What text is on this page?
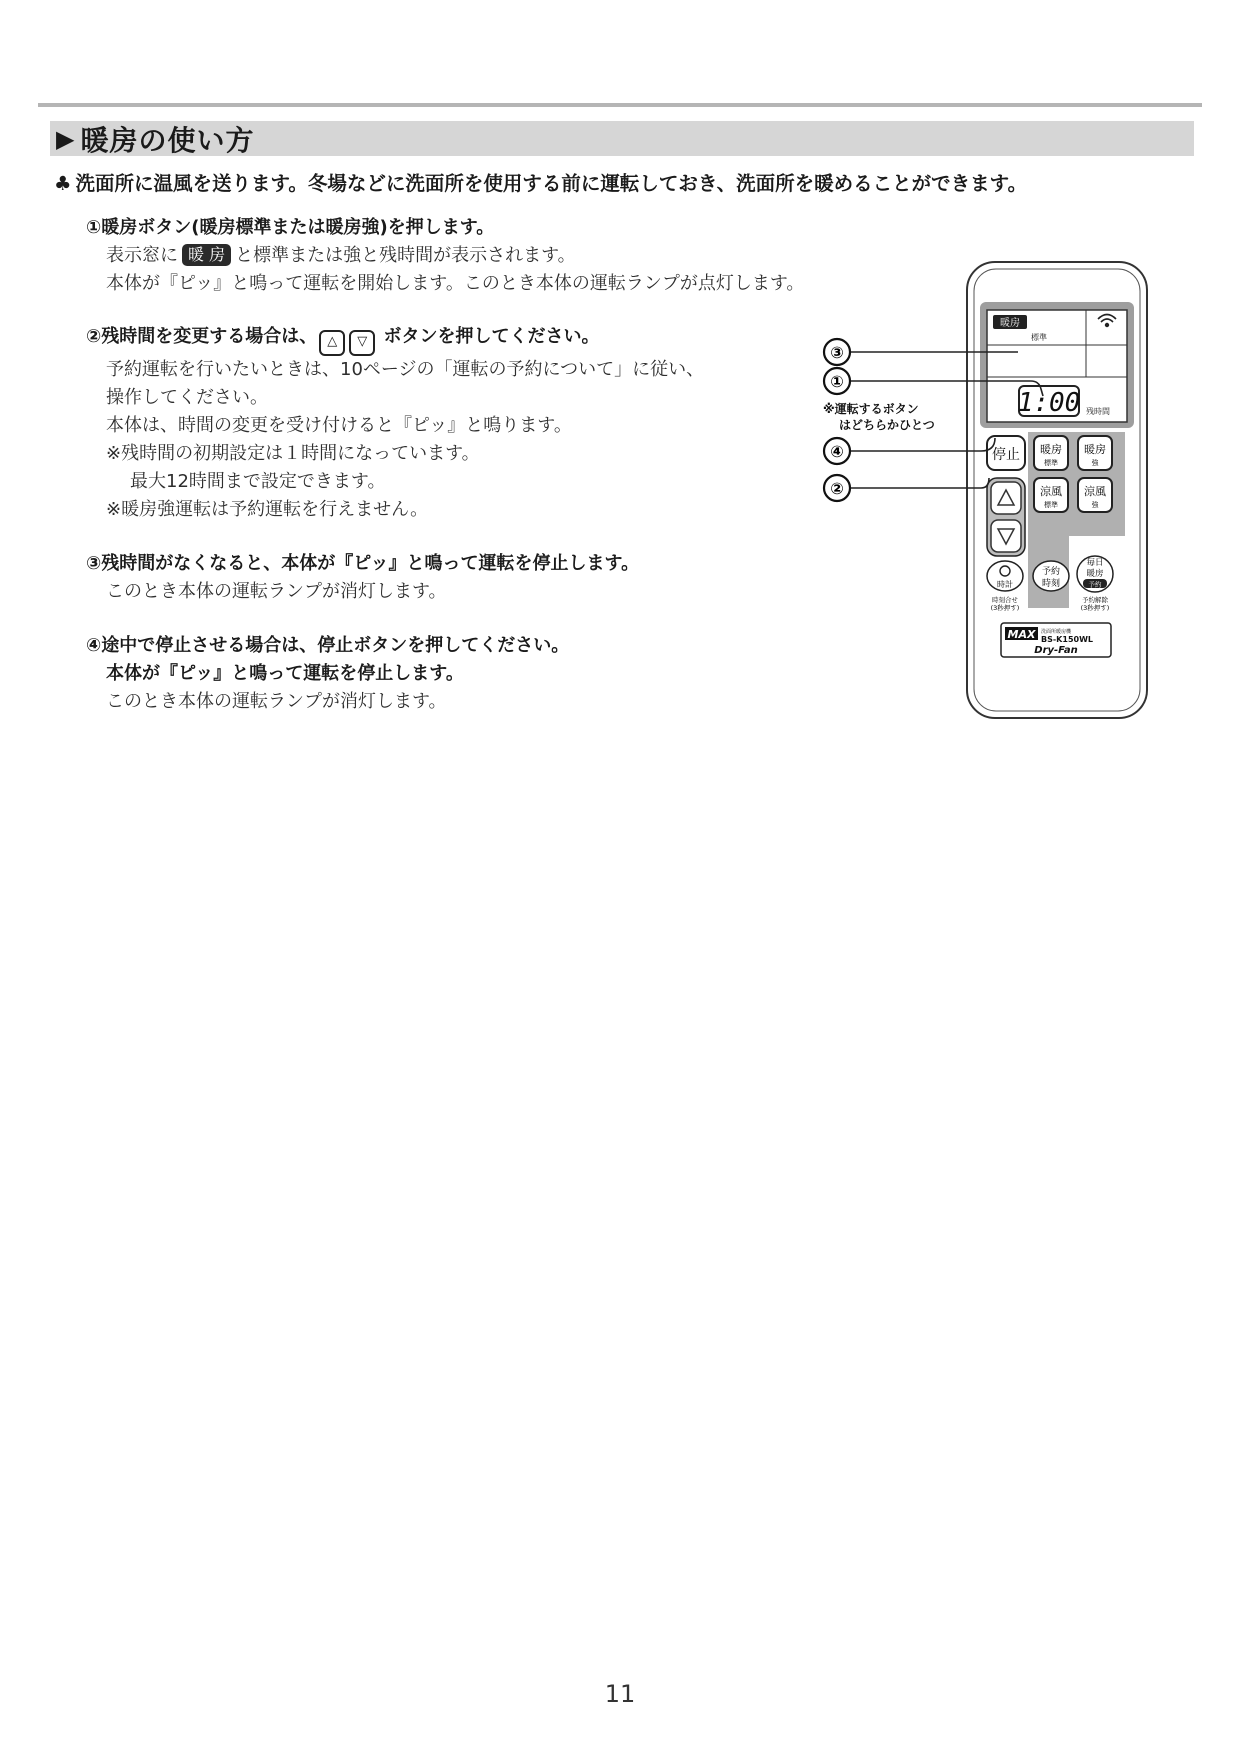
▶ 暖房の使い方
♣ 洗面所に温風を送ります。冬場などに洗面所を使用する前に運転しておき、洗面所を暖めることができます。
①暖房ボタン(暖房標準または暖房強)を押します。
表示窓に 暖 房 と標準または強と残時間が表示されます。
本体が『ピッ』と鳴って運転を開始します。このとき本体の運転ランプが点灯します。
②残時間を変更する場合は、 △ ▽ ボタンを押してください。
予約運転を行いたいときは、10ページの「運転の予約について」に従い、
操作してください。
本体は、時間の変更を受け付けると『ピッ』と鳴ります。
※残時間の初期設定は１時間になっています。
最大12時間まで設定できます。
※暖房強運転は予約運転を行えません。
③残時間がなくなると、本体が『ピッ』と鳴って運転を停止します。
このとき本体の運転ランプが消灯します。
④途中で停止させる場合は、停止ボタンを押してください。
本体が『ピッ』と鳴って運転を停止します。
このとき本体の運転ランプが消灯します。
暖房
標準
1:00 残時間
停止 暖房
標準
暖房
強
涼風
標準
涼風
強
時計
時刻合せ
(3秒押す)
予約
時刻
毎日
暖房
予約
予約解除
(3秒押す)
MAX 洗面所暖房機
BS-K150WL
Dry-Fan
③
①
④
②
※運転するボタン
はどちらかひとつ
11
